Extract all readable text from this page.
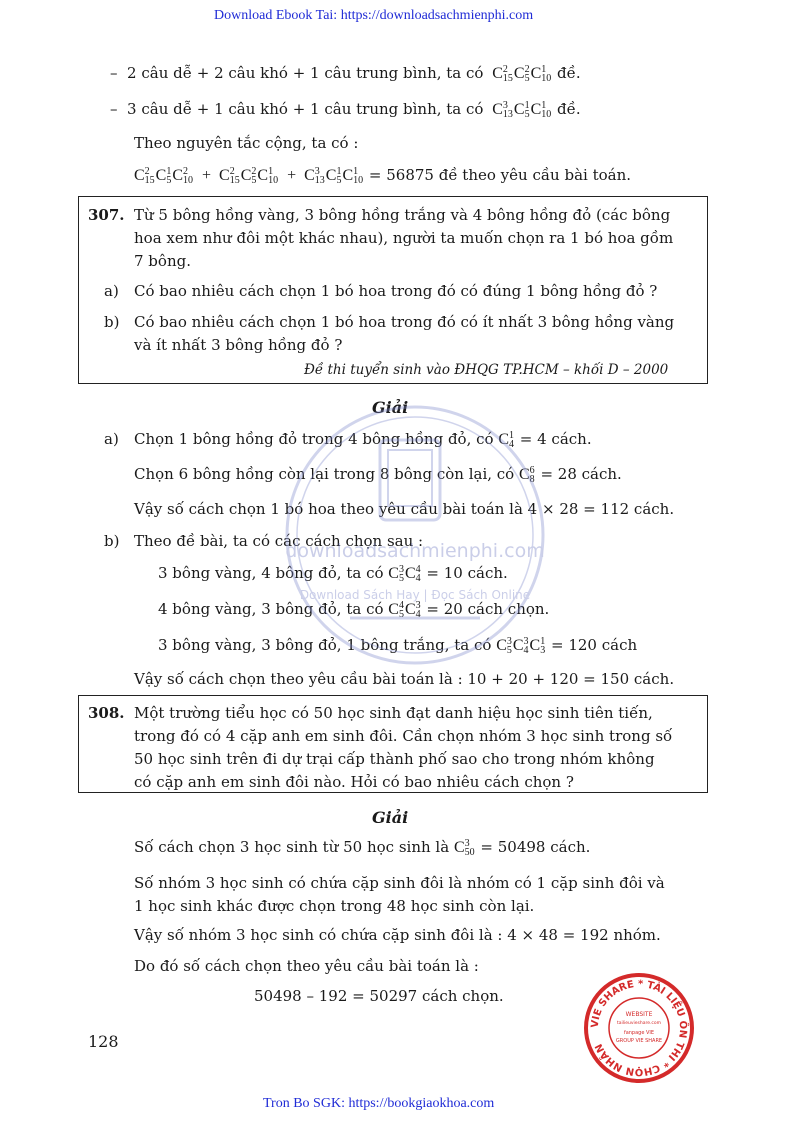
Download Ebook Tai: https://downloadsachmienphi.com
–  2 câu dễ + 2 câu khó + 1 câu trung bình, ta có  C 2
15 C 2
5 C 1
10 đề.
–  3 câu dễ + 1 câu khó + 1 câu trung bình, ta có  C 3
13 C 1
5 C 1
10 đề.
Theo nguyên tắc cộng, ta có :
C 2
15 C 1
5 C 2
10 +  C 2
15 C 2
5 C 1
10 +  C 3
13 C 1
5 C 1
10 = 56875 đề theo yêu cầu bài toán.
307. Từ 5 bông hồng vàng, 3 bông hồng trắng và 4 bông hồng đỏ (các bông
hoa xem như đôi một khác nhau), người ta muốn chọn ra 1 bó hoa gồm
7 bông.
a) Có bao nhiêu cách chọn 1 bó hoa trong đó có đúng 1 bông hồng đỏ ?
b) Có bao nhiêu cách chọn 1 bó hoa trong đó có ít nhất 3 bông hồng vàng
và ít nhất 3 bông hồng đỏ ?
Đề thi tuyển sinh vào ĐHQG TP.HCM – khối D – 2000
Giải
a) Chọn 1 bông hồng đỏ trong 4 bông hồng đỏ, có C 1
4 = 4 cách.
Chọn 6 bông hồng còn lại trong 8 bông còn lại, có C 6
8 = 28 cách.
Vậy số cách chọn 1 bó hoa theo yêu cầu bài toán là 4 × 28 = 112 cách.
b) Theo đề bài, ta có các cách chọn sau :
3 bông vàng, 4 bông đỏ, ta có C 3
5 C 4
4 = 10 cách.
4 bông vàng, 3 bông đỏ, ta có C 4
5 C 3
4 = 20 cách chọn.
3 bông vàng, 3 bông đỏ, 1 bông trắng, ta có C 3
5 C 3
4 C 1
3 = 120 cách
Vậy số cách chọn theo yêu cầu bài toán là : 10 + 20 + 120 = 150 cách.
308. Một trường tiểu học có 50 học sinh đạt danh hiệu học sinh tiên tiến,
trong đó có 4 cặp anh em sinh đôi. Cần chọn nhóm 3 học sinh trong số
50 học sinh trên đi dự trại cấp thành phố sao cho trong nhóm không
có cặp anh em sinh đôi nào. Hỏi có bao nhiêu cách chọn ?
Giải
Số cách chọn 3 học sinh từ 50 học sinh là C 3
50 = 50498 cách.
Số nhóm 3 học sinh có chứa cặp sinh đôi là nhóm có 1 cặp sinh đôi và
1 học sinh khác được chọn trong 48 học sinh còn lại.
Vậy số nhóm 3 học sinh có chứa cặp sinh đôi là : 4 × 48 = 192 nhóm.
Do đó số cách chọn theo yêu cầu bài toán là :
50498 – 192 = 50297 cách chọn.
128
Tron Bo SGK: https://bookgiaokhoa.com
downloadsachmienphi.com
Download Sách Hay | Đọc Sách Online
VIE SHARE * TÀI LIỆU ÔN THI * CHỌN NHÂN
WEBSITE
tailieuvieshare.com
fanpage VIE
GROUP VIE SHARE
